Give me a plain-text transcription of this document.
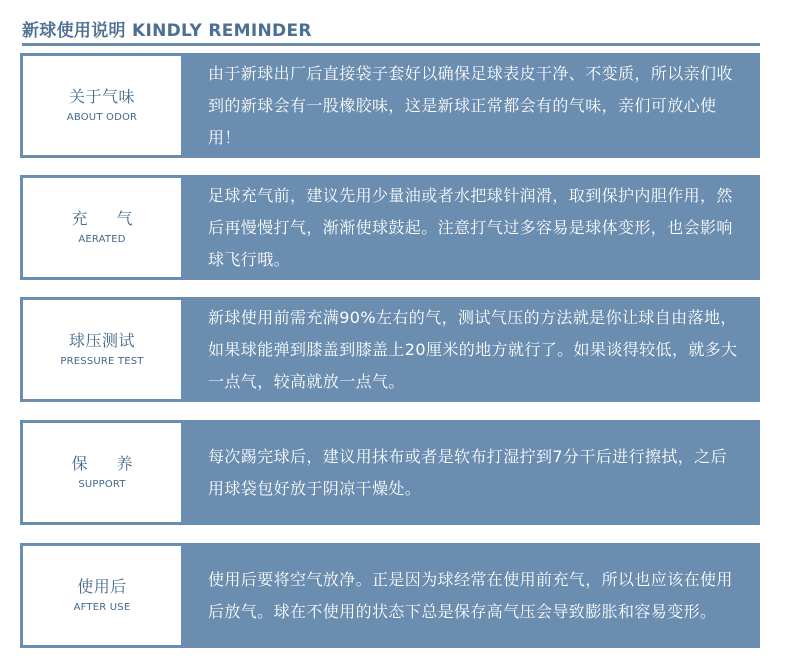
新球使用说明 KINDLY REMINDER
关于气味
ABOUT ODOR
由于新球出厂后直接袋子套好以确保足球表皮干净、不变质，所以亲们收到的新球会有一股橡胶味，这是新球正常都会有的气味，亲们可放心使用！
充 气
AERATED
足球充气前，建议先用少量油或者水把球针润滑，取到保护内胆作用，然后再慢慢打气，渐渐使球鼓起。注意打气过多容易是球体变形，也会影响球飞行哦。
球压测试
PRESSURE TEST
新球使用前需充满90%左右的气，测试气压的方法就是你让球自由落地，如果球能弹到膝盖到膝盖上20厘米的地方就行了。如果谈得较低，就多大一点气，较高就放一点气。
保 养
SUPPORT
每次踢完球后，建议用抹布或者是软布打湿拧到7分干后进行擦拭，之后用球袋包好放于阴凉干燥处。
使用后
AFTER USE
使用后要将空气放净。正是因为球经常在使用前充气，所以也应该在使用后放气。球在不使用的状态下总是保存高气压会导致膨胀和容易变形。
